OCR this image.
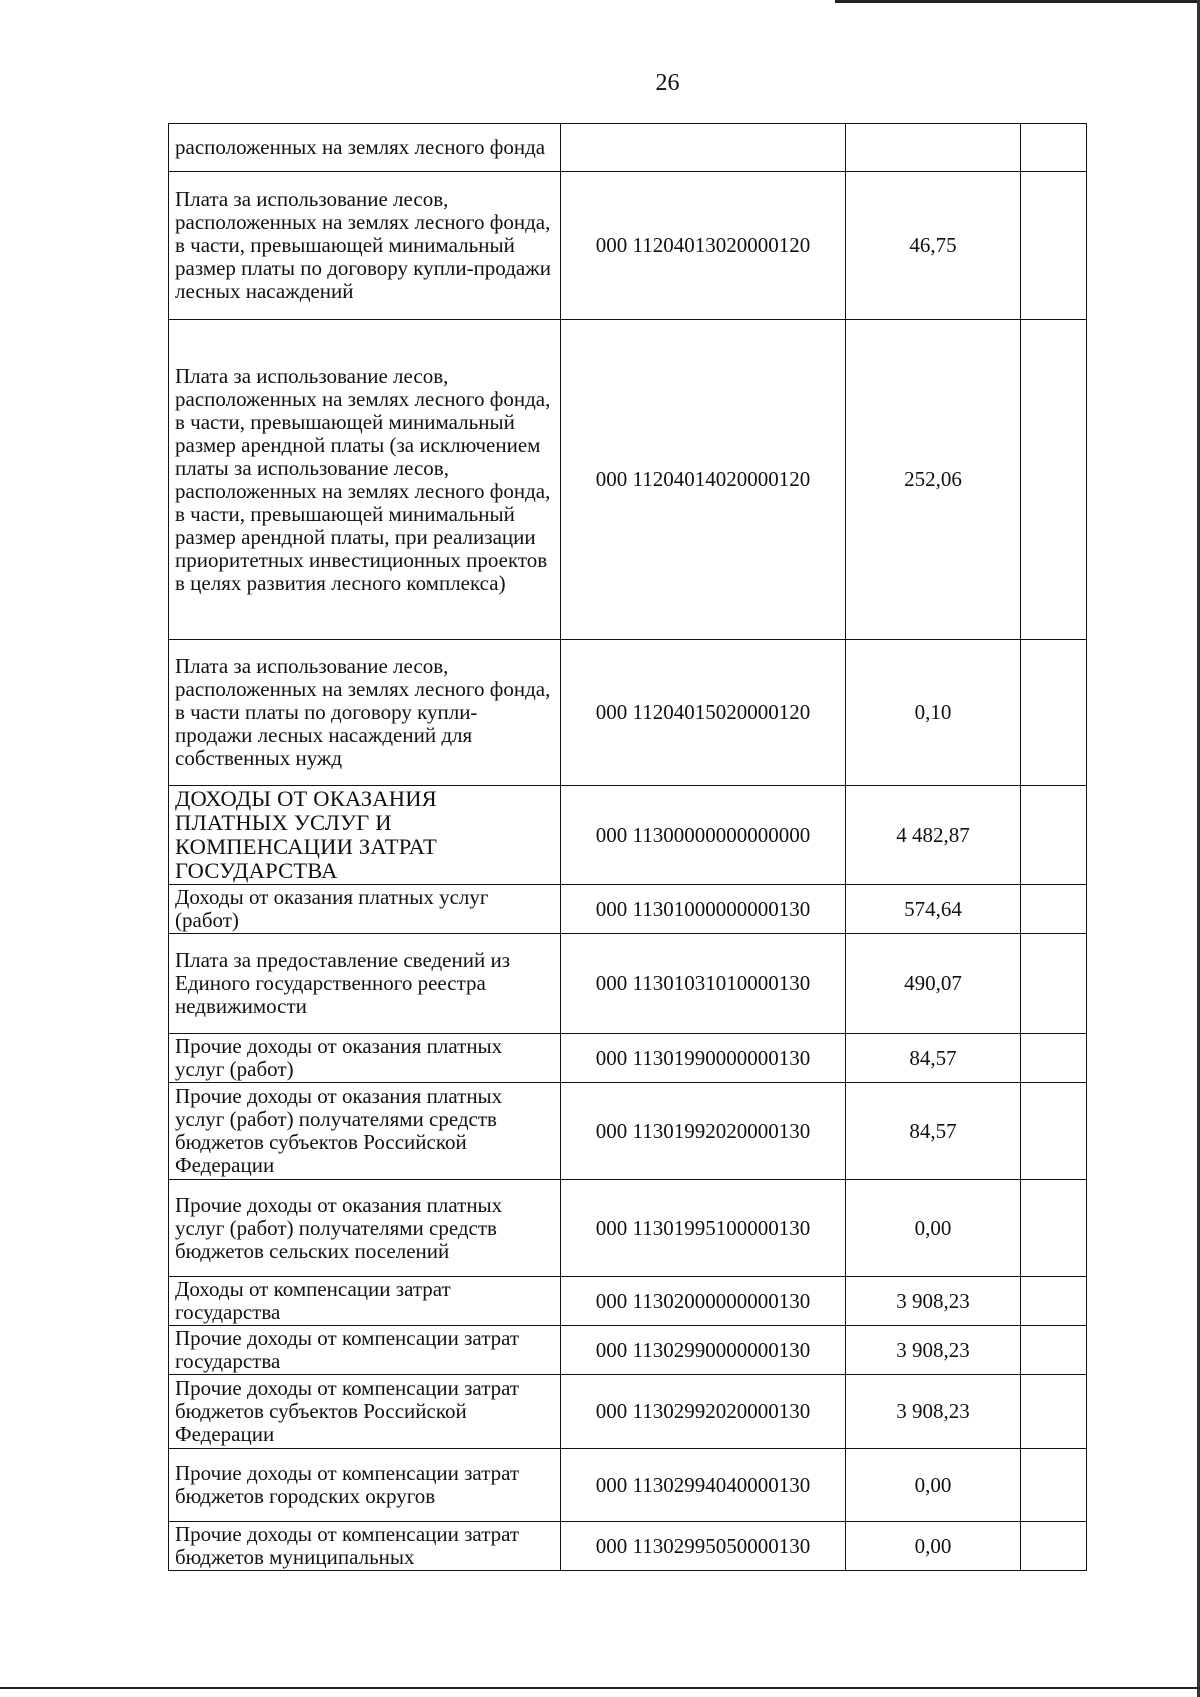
26
расположенных на землях лесного фонда			
Плата за использование лесов, расположенных на землях лесного фонда, в части, превышающей минимальный размер платы по договору купли-продажи лесных насаждений	000 11204013020000120	46,75	
Плата за использование лесов, расположенных на землях лесного фонда, в части, превышающей минимальный размер арендной платы (за исключением платы за использование лесов, расположенных на землях лесного фонда, в части, превышающей минимальный размер арендной платы, при реализации приоритетных инвестиционных проектов в целях развития лесного комплекса)	000 11204014020000120	252,06	
Плата за использование лесов, расположенных на землях лесного фонда, в части платы по договору купли-продажи лесных насаждений для собственных нужд	000 11204015020000120	0,10	
ДОХОДЫ ОТ ОКАЗАНИЯ ПЛАТНЫХ УСЛУГ И КОМПЕНСАЦИИ ЗАТРАТ ГОСУДАРСТВА	000 11300000000000000	4 482,87	
Доходы от оказания платных услуг (работ)	000 11301000000000130	574,64	
Плата за предоставление сведений из Единого государственного реестра недвижимости	000 11301031010000130	490,07	
Прочие доходы от оказания платных услуг (работ)	000 11301990000000130	84,57	
Прочие доходы от оказания платных услуг (работ) получателями средств бюджетов субъектов Российской Федерации	000 11301992020000130	84,57	
Прочие доходы от оказания платных услуг (работ) получателями средств бюджетов сельских поселений	000 11301995100000130	0,00	
Доходы от компенсации затрат государства	000 11302000000000130	3 908,23	
Прочие доходы от компенсации затрат государства	000 11302990000000130	3 908,23	
Прочие доходы от компенсации затрат бюджетов субъектов Российской Федерации	000 11302992020000130	3 908,23	
Прочие доходы от компенсации затрат бюджетов городских округов	000 11302994040000130	0,00	
Прочие доходы от компенсации затрат бюджетов муниципальных	000 11302995050000130	0,00	
